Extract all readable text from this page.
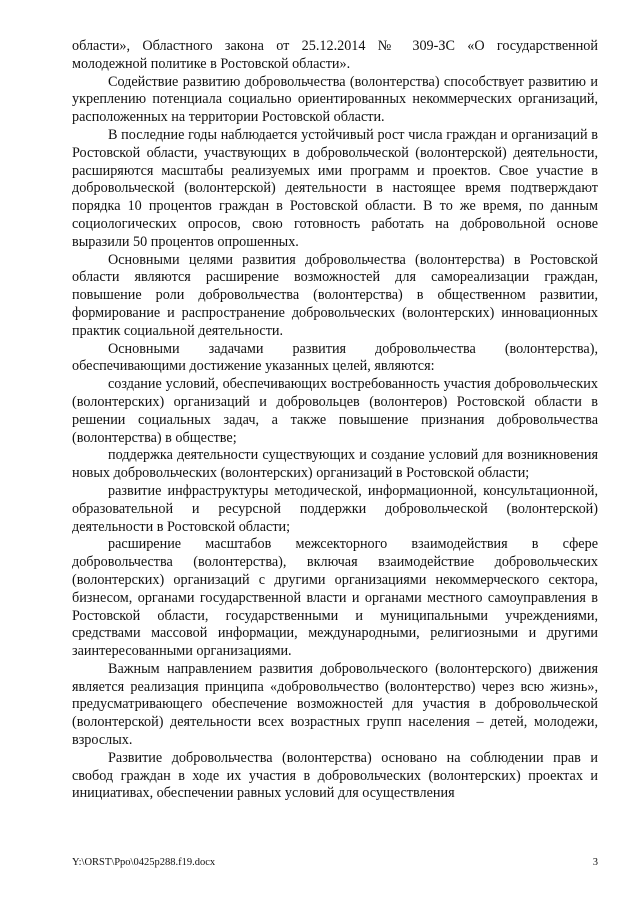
области», Областного закона от 25.12.2014 № 309-ЗС «О государственной молодежной политике в Ростовской области».

Содействие развитию добровольчества (волонтерства) способствует развитию и укреплению потенциала социально ориентированных некоммерческих организаций, расположенных на территории Ростовской области.

В последние годы наблюдается устойчивый рост числа граждан и организаций в Ростовской области, участвующих в добровольческой (волонтерской) деятельности, расширяются масштабы реализуемых ими программ и проектов. Свое участие в добровольческой (волонтерской) деятельности в настоящее время подтверждают порядка 10 процентов граждан в Ростовской области. В то же время, по данным социологических опросов, свою готовность работать на добровольной основе выразили 50 процентов опрошенных.

Основными целями развития добровольчества (волонтерства) в Ростовской области являются расширение возможностей для самореализации граждан, повышение роли добровольчества (волонтерства) в общественном развитии, формирование и распространение добровольческих (волонтерских) инновационных практик социальной деятельности.

Основными задачами развития добровольчества (волонтерства), обеспечивающими достижение указанных целей, являются:

создание условий, обеспечивающих востребованность участия добровольческих (волонтерских) организаций и добровольцев (волонтеров) Ростовской области в решении социальных задач, а также повышение признания добровольчества (волонтерства) в обществе;

поддержка деятельности существующих и создание условий для возникновения новых добровольческих (волонтерских) организаций в Ростовской области;

развитие инфраструктуры методической, информационной, консультационной, образовательной и ресурсной поддержки добровольческой (волонтерской) деятельности в Ростовской области;

расширение масштабов межсекторного взаимодействия в сфере добровольчества (волонтерства), включая взаимодействие добровольческих (волонтерских) организаций с другими организациями некоммерческого сектора, бизнесом, органами государственной власти и органами местного самоуправления в Ростовской области, государственными и муниципальными учреждениями, средствами массовой информации, международными, религиозными и другими заинтересованными организациями.

Важным направлением развития добровольческого (волонтерского) движения является реализация принципа «добровольчество (волонтерство) через всю жизнь», предусматривающего обеспечение возможностей для участия в добровольческой (волонтерской) деятельности всех возрастных групп населения – детей, молодежи, взрослых.

Развитие добровольчества (волонтерства) основано на соблюдении прав и свобод граждан в ходе их участия в добровольческих (волонтерских) проектах и инициативах, обеспечении равных условий для осуществления

Y:\ORST\Ppo\0425p288.f19.docx	3
